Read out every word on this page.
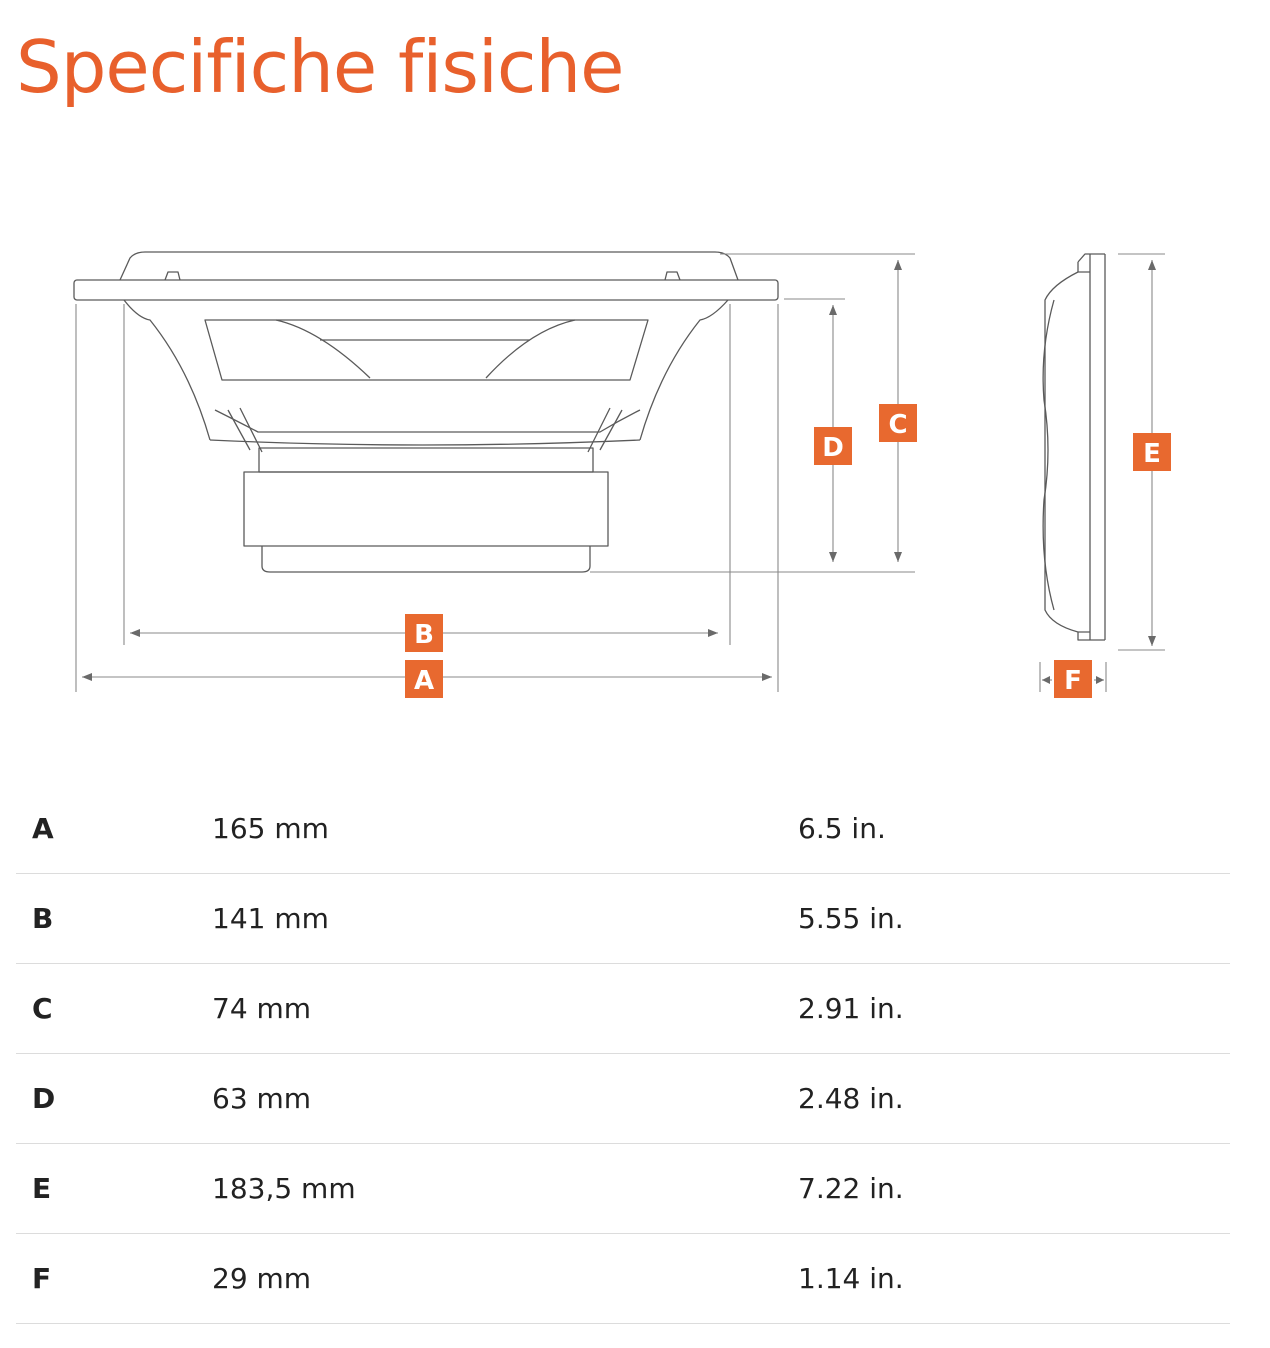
Specifiche fisiche
B
A
D
C
E
F
A	165 mm	6.5 in.
B	141 mm	5.55 in.
C	74 mm	2.91 in.
D	63 mm	2.48 in.
E	183,5 mm	7.22 in.
F	29 mm	1.14 in.
